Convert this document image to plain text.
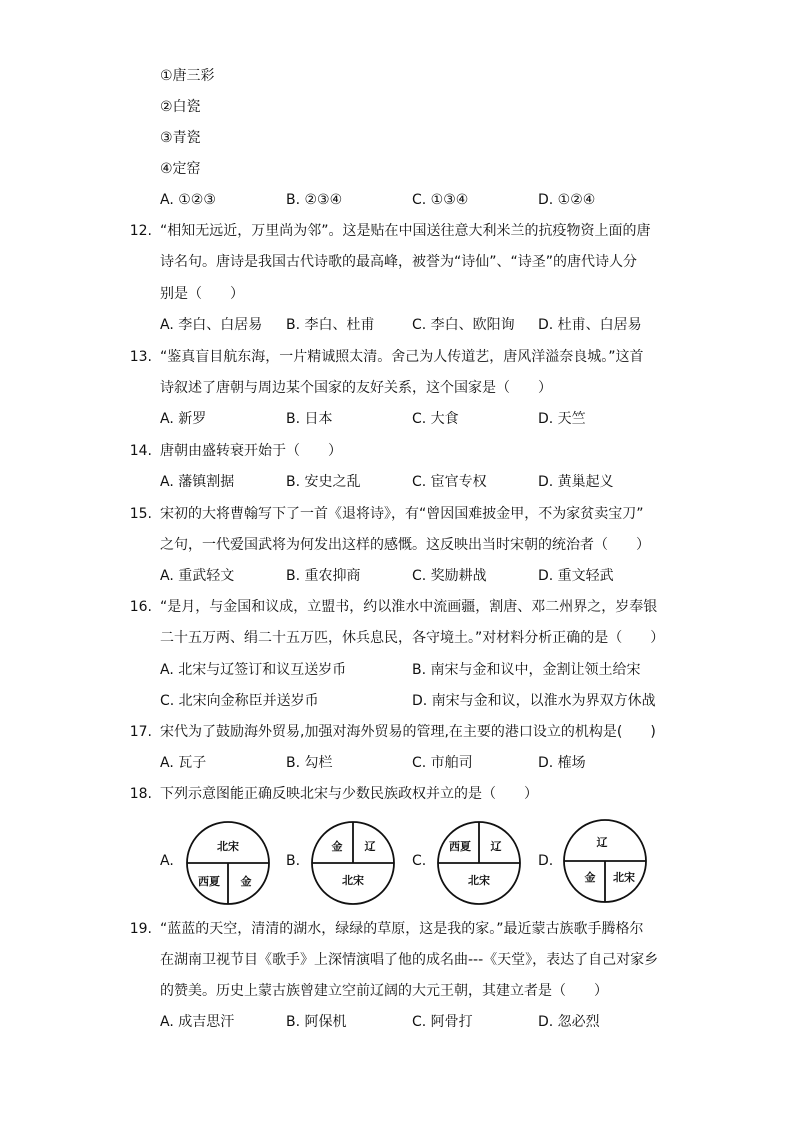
①唐三彩
②白瓷
③青瓷
④定窑
A. ①②③	B. ②③④	C. ①③④	D. ①②④
12. “相知无远近，万里尚为邻”。这是贴在中国送往意大利米兰的抗疫物资上面的唐
诗名句。唐诗是我国古代诗歌的最高峰，被誉为“诗仙”、“诗圣”的唐代诗人分
别是（　　）
A. 李白、白居易 B. 李白、杜甫	C. 李白、欧阳询 D. 杜甫、白居易
13. “鉴真盲目航东海，一片精诚照太清。舍己为人传道艺，唐风洋溢奈良城。”这首
诗叙述了唐朝与周边某个国家的友好关系，这个国家是（　　）
A. 新罗	B. 日本	C. 大食	D. 天竺
14. 唐朝由盛转衰开始于（　　）
A. 藩镇割据	B. 安史之乱	C. 宦官专权	D. 黄巢起义
15. 宋初的大将曹翰写下了一首《退将诗》，有“曾因国难披金甲，不为家贫卖宝刀”
之句，一代爱国武将为何发出这样的感慨。这反映出当时宋朝的统治者（　　）
A. 重武轻文	B. 重农抑商	C. 奖励耕战	D. 重文轻武
16. “是月，与金国和议成，立盟书，约以淮水中流画疆，割唐、邓二州界之，岁奉银
二十五万两、绢二十五万匹，休兵息民，各守境土。”对材料分析正确的是（　　）
A. 北宋与辽签订和议互送岁币	B. 南宋与金和议中，金割让领土给宋
C. 北宋向金称臣并送岁币	D. 南宋与金和议，以淮水为界双方休战
17. 宋代为了鼓励海外贸易,加强对海外贸易的管理,在主要的港口设立的机构是(　　)
A. 瓦子	B. 勾栏	C. 市舶司	D. 榷场
18. 下列示意图能正确反映北宋与少数民族政权并立的是（　　）
A.
北宋
西夏 金
B.
金 辽
北宋
C.
西夏 辽
北宋
D.
辽
金 北宋
19. “蓝蓝的天空，清清的湖水，绿绿的草原，这是我的家。”最近蒙古族歌手腾格尔
在湖南卫视节目《歌手》上深情演唱了他的成名曲---《天堂》，表达了自己对家乡
的赞美。历史上蒙古族曾建立空前辽阔的大元王朝，其建立者是（　　）
A. 成吉思汗	B. 阿保机	C. 阿骨打	D. 忽必烈
